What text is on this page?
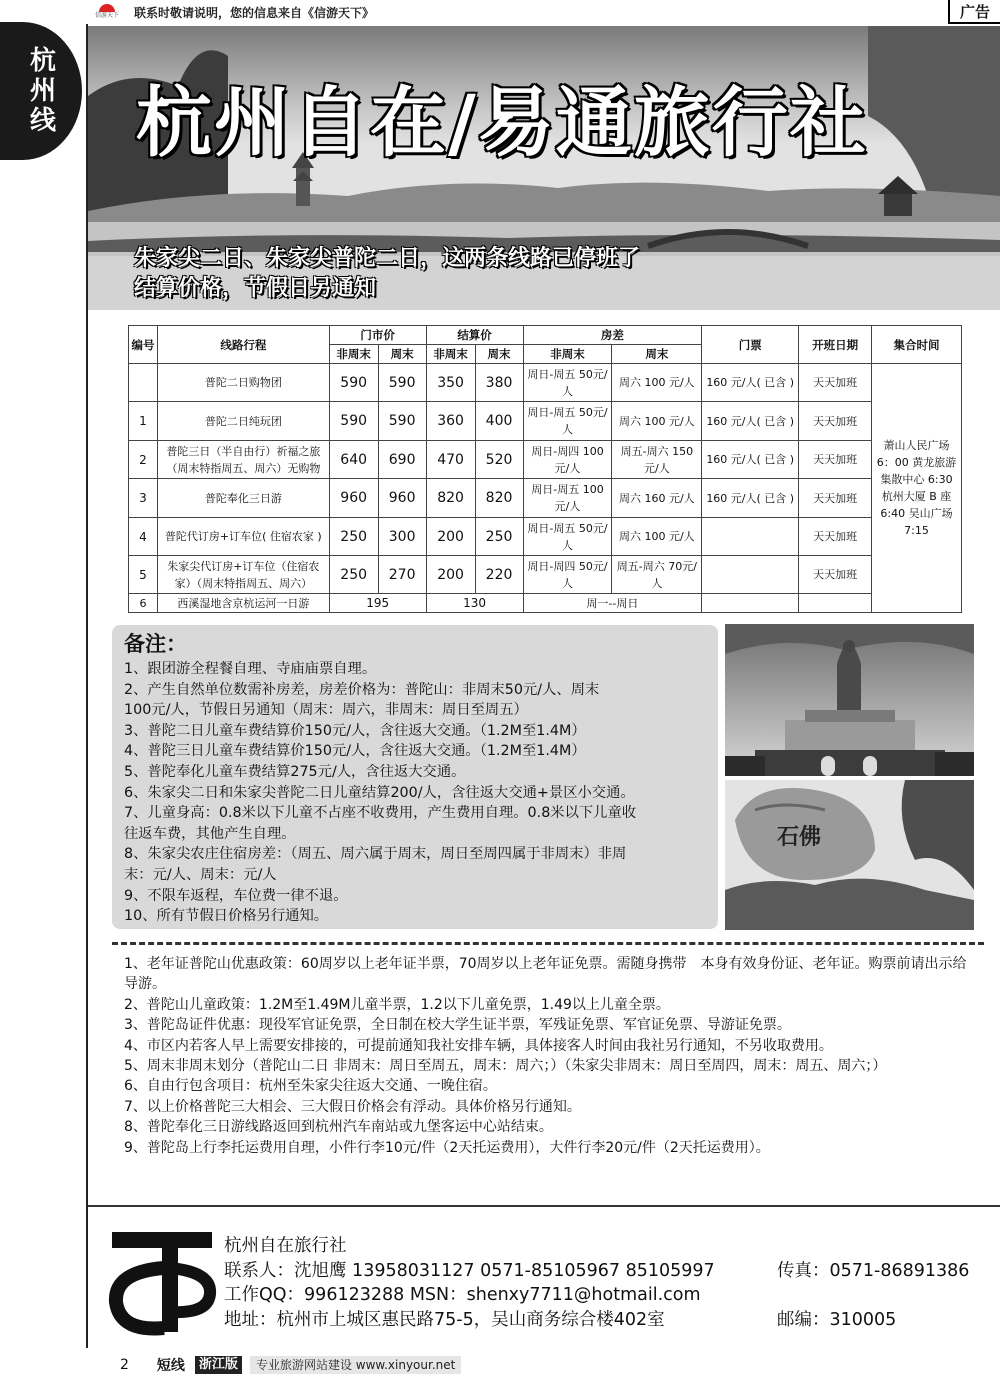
信游天下 联系时敬请说明，您的信息来自《信游天下》	广告
杭州线 杭州自在/易通旅行社
朱家尖二日、朱家尖普陀二日，这两条线路已停班了
结算价格，节假日另通知
编号	线路行程	门市价		结算价		房差		门票	开班日期	集合时间
		非周末	周末	非周末	周末	非周末	周末			
	普陀二日购物团	590	590	350	380	周日-周五 50元/人	周六 100 元/人	160 元/人( 已含 )	天天加班	萧山人民广场 6：00 黄龙旅游集散中心 6:30 杭州大厦 B 座 6:40 吴山广场 7:15
1	普陀二日纯玩团	590	590	360	400	周日-周五 50元/人	周六 100 元/人	160 元/人( 已含 )	天天加班	
2	普陀三日（半自由行）祈福之旅（周末特指周五、周六）无购物	640	690	470	520	周日-周四 100元/人	周五-周六 150元/人	160 元/人( 已含 )	天天加班	
3	普陀奉化三日游	960	960	820	820	周日-周五 100元/人	周六 160 元/人	160 元/人( 已含 )	天天加班	
4	普陀代订房+订车位( 住宿农家 )	250	300	200	250	周日-周五 50元/人	周六 100 元/人		天天加班	
5	朱家尖代订房+订车位（住宿农家）（周末特指周五、周六）	250	270	200	220	周日-周四 50元/人	周五-周六 70元/人		天天加班	
6	西溪湿地含京杭运河一日游	195		130		周一--周日				
备注：

1、跟团游全程餐自理、寺庙庙票自理。

2、产生自然单位数需补房差，房差价格为：普陀山：非周末50元/人、周末

100元/人，节假日另通知（周末：周六，非周末：周日至周五）

3、普陀二日儿童车费结算价150元/人，含往返大交通。（1.2M至1.4M）

4、普陀三日儿童车费结算价150元/人，含往返大交通。（1.2M至1.4M）

5、普陀奉化儿童车费结算275元/人，含往返大交通。

6、朱家尖二日和朱家尖普陀二日儿童结算200/人，含往返大交通+景区小交通。

7、儿童身高：0.8米以下儿童不占座不收费用，产生费用自理。0.8米以下儿童收

往返车费，其他产生自理。

8、朱家尖农庄住宿房差：（周五、周六属于周末，周日至周四属于非周末）非周

末：元/人、周末：元/人

9、不限车返程，车位费一律不退。

10、所有节假日价格另行通知。

石佛

1、老年证普陀山优惠政策：60周岁以上老年证半票，70周岁以上老年证免票。需随身携带　本身有效身份证、老年证。购票前请出示给导游。

2、普陀山儿童政策：1.2M至1.49M儿童半票，1.2以下儿童免票，1.49以上儿童全票。

3、普陀岛证件优惠：现役军官证免票，全日制在校大学生证半票，军残证免票、军官证免票、导游证免票。

4、市区内若客人早上需要安排接的，可提前通知我社安排车辆，具体接客人时间由我社另行通知，不另收取费用。

5、周末非周末划分（普陀山二日 非周末：周日至周五，周末：周六；）（朱家尖非周末：周日至周四，周末：周五、周六；）

6、自由行包含项目：杭州至朱家尖往返大交通、一晚住宿。

7、以上价格普陀三大相会、三大假日价格会有浮动。具体价格另行通知。

8、普陀奉化三日游线路返回到杭州汽车南站或九堡客运中心站结束。

9、普陀岛上行李托运费用自理，小件行李10元/件（2天托运费用），大件行李20元/件（2天托运费用）。

杭州自在旅行社
联系人：沈旭鹰 13958031127 0571-85105967 85105997	传真：0571-86891386
工作QQ：996123288 MSN：shenxy7711@hotmail.com
地址：杭州市上城区惠民路75-5，吴山商务综合楼402室	邮编：310005
2 短线	浙江版	专业旅游网站建设 www.xinyour.net
